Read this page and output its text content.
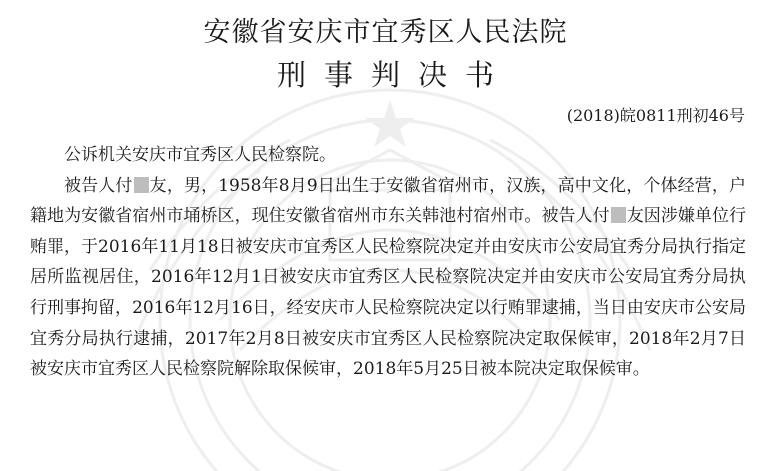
安徽省安庆市宜秀区人民法院
刑事判决书
(2018)皖0811刑初46号

公诉机关安庆市宜秀区人民检察院。

被告人付 友，男，1958年8月9日出生于安徽省宿州市，汉族，高中文化，个体经营，户籍地为安徽省宿州市埇桥区，现住安徽省宿州市东关韩池村宿州市。被告人付 友因涉嫌单位行贿罪，于2016年11月18日被安庆市宜秀区人民检察院决定并由安庆市公安局宜秀分局执行指定居所监视居住，2016年12月1日被安庆市宜秀区人民检察院决定并由安庆市公安局宜秀分局执行刑事拘留，2016年12月16日，经安庆市人民检察院决定以行贿罪逮捕，当日由安庆市公安局宜秀分局执行逮捕，2017年2月8日被安庆市宜秀区人民检察院决定取保候审，2018年2月7日被安庆市宜秀区人民检察院解除取保候审，2018年5月25日被本院决定取保候审。
